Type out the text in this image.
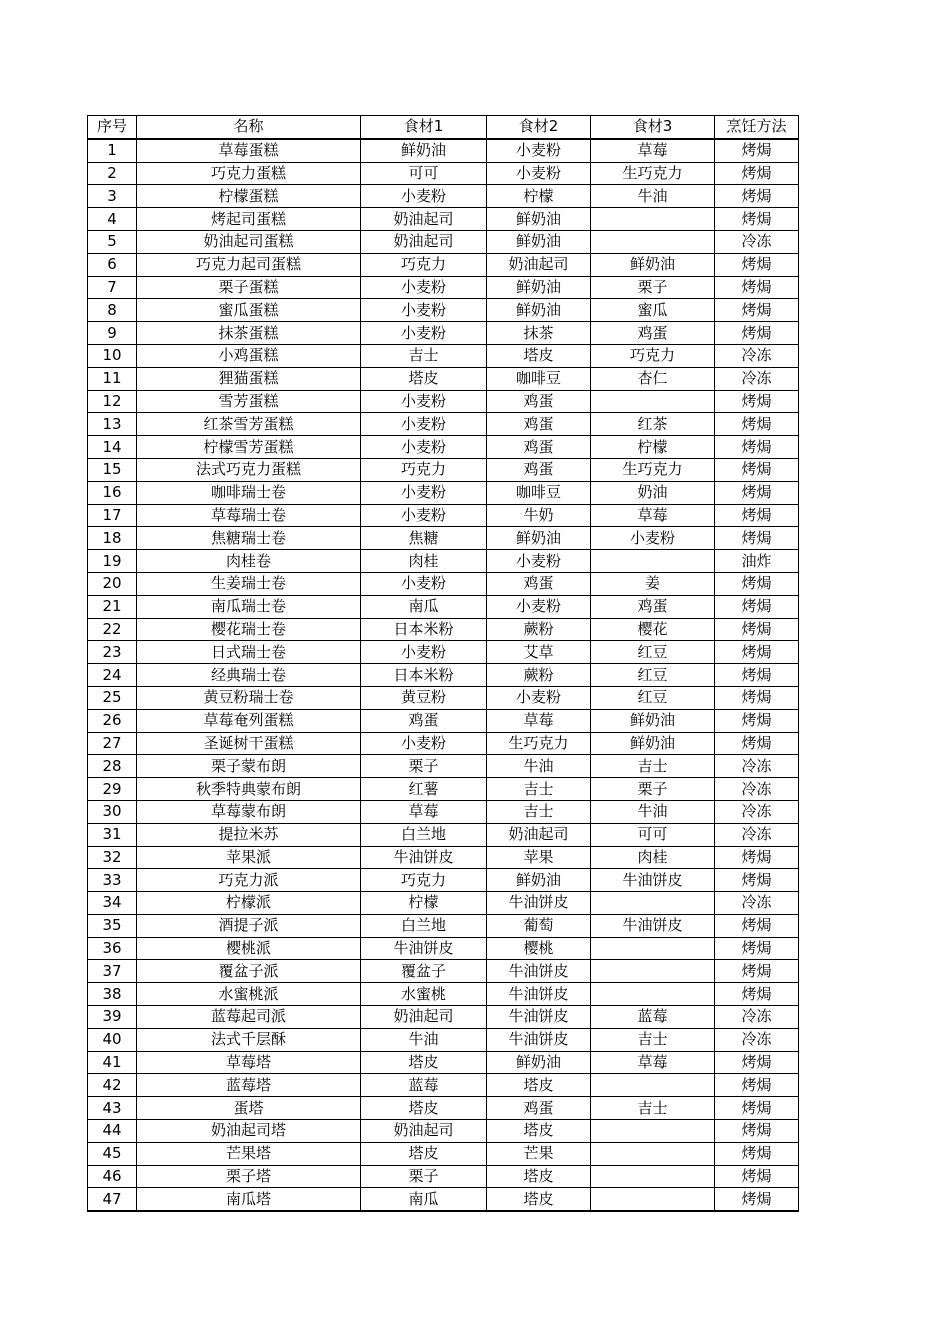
序号	名称	食材1	食材2	食材3	烹饪方法
1	草莓蛋糕	鲜奶油	小麦粉	草莓	烤焗
2	巧克力蛋糕	可可	小麦粉	生巧克力	烤焗
3	柠檬蛋糕	小麦粉	柠檬	牛油	烤焗
4	烤起司蛋糕	奶油起司	鲜奶油		烤焗
5	奶油起司蛋糕	奶油起司	鲜奶油		冷冻
6	巧克力起司蛋糕	巧克力	奶油起司	鲜奶油	烤焗
7	栗子蛋糕	小麦粉	鲜奶油	栗子	烤焗
8	蜜瓜蛋糕	小麦粉	鲜奶油	蜜瓜	烤焗
9	抹茶蛋糕	小麦粉	抹茶	鸡蛋	烤焗
10	小鸡蛋糕	吉士	塔皮	巧克力	冷冻
11	狸猫蛋糕	塔皮	咖啡豆	杏仁	冷冻
12	雪芳蛋糕	小麦粉	鸡蛋		烤焗
13	红茶雪芳蛋糕	小麦粉	鸡蛋	红茶	烤焗
14	柠檬雪芳蛋糕	小麦粉	鸡蛋	柠檬	烤焗
15	法式巧克力蛋糕	巧克力	鸡蛋	生巧克力	烤焗
16	咖啡瑞士卷	小麦粉	咖啡豆	奶油	烤焗
17	草莓瑞士卷	小麦粉	牛奶	草莓	烤焗
18	焦糖瑞士卷	焦糖	鲜奶油	小麦粉	烤焗
19	肉桂卷	肉桂	小麦粉		油炸
20	生姜瑞士卷	小麦粉	鸡蛋	姜	烤焗
21	南瓜瑞士卷	南瓜	小麦粉	鸡蛋	烤焗
22	樱花瑞士卷	日本米粉	蕨粉	樱花	烤焗
23	日式瑞士卷	小麦粉	艾草	红豆	烤焗
24	经典瑞士卷	日本米粉	蕨粉	红豆	烤焗
25	黄豆粉瑞士卷	黄豆粉	小麦粉	红豆	烤焗
26	草莓奄列蛋糕	鸡蛋	草莓	鲜奶油	烤焗
27	圣诞树干蛋糕	小麦粉	生巧克力	鲜奶油	烤焗
28	栗子蒙布朗	栗子	牛油	吉士	冷冻
29	秋季特典蒙布朗	红薯	吉士	栗子	冷冻
30	草莓蒙布朗	草莓	吉士	牛油	冷冻
31	提拉米苏	白兰地	奶油起司	可可	冷冻
32	苹果派	牛油饼皮	苹果	肉桂	烤焗
33	巧克力派	巧克力	鲜奶油	牛油饼皮	烤焗
34	柠檬派	柠檬	牛油饼皮		冷冻
35	酒提子派	白兰地	葡萄	牛油饼皮	烤焗
36	樱桃派	牛油饼皮	樱桃		烤焗
37	覆盆子派	覆盆子	牛油饼皮		烤焗
38	水蜜桃派	水蜜桃	牛油饼皮		烤焗
39	蓝莓起司派	奶油起司	牛油饼皮	蓝莓	冷冻
40	法式千层酥	牛油	牛油饼皮	吉士	冷冻
41	草莓塔	塔皮	鲜奶油	草莓	烤焗
42	蓝莓塔	蓝莓	塔皮		烤焗
43	蛋塔	塔皮	鸡蛋	吉士	烤焗
44	奶油起司塔	奶油起司	塔皮		烤焗
45	芒果塔	塔皮	芒果		烤焗
46	栗子塔	栗子	塔皮		烤焗
47	南瓜塔	南瓜	塔皮		烤焗
